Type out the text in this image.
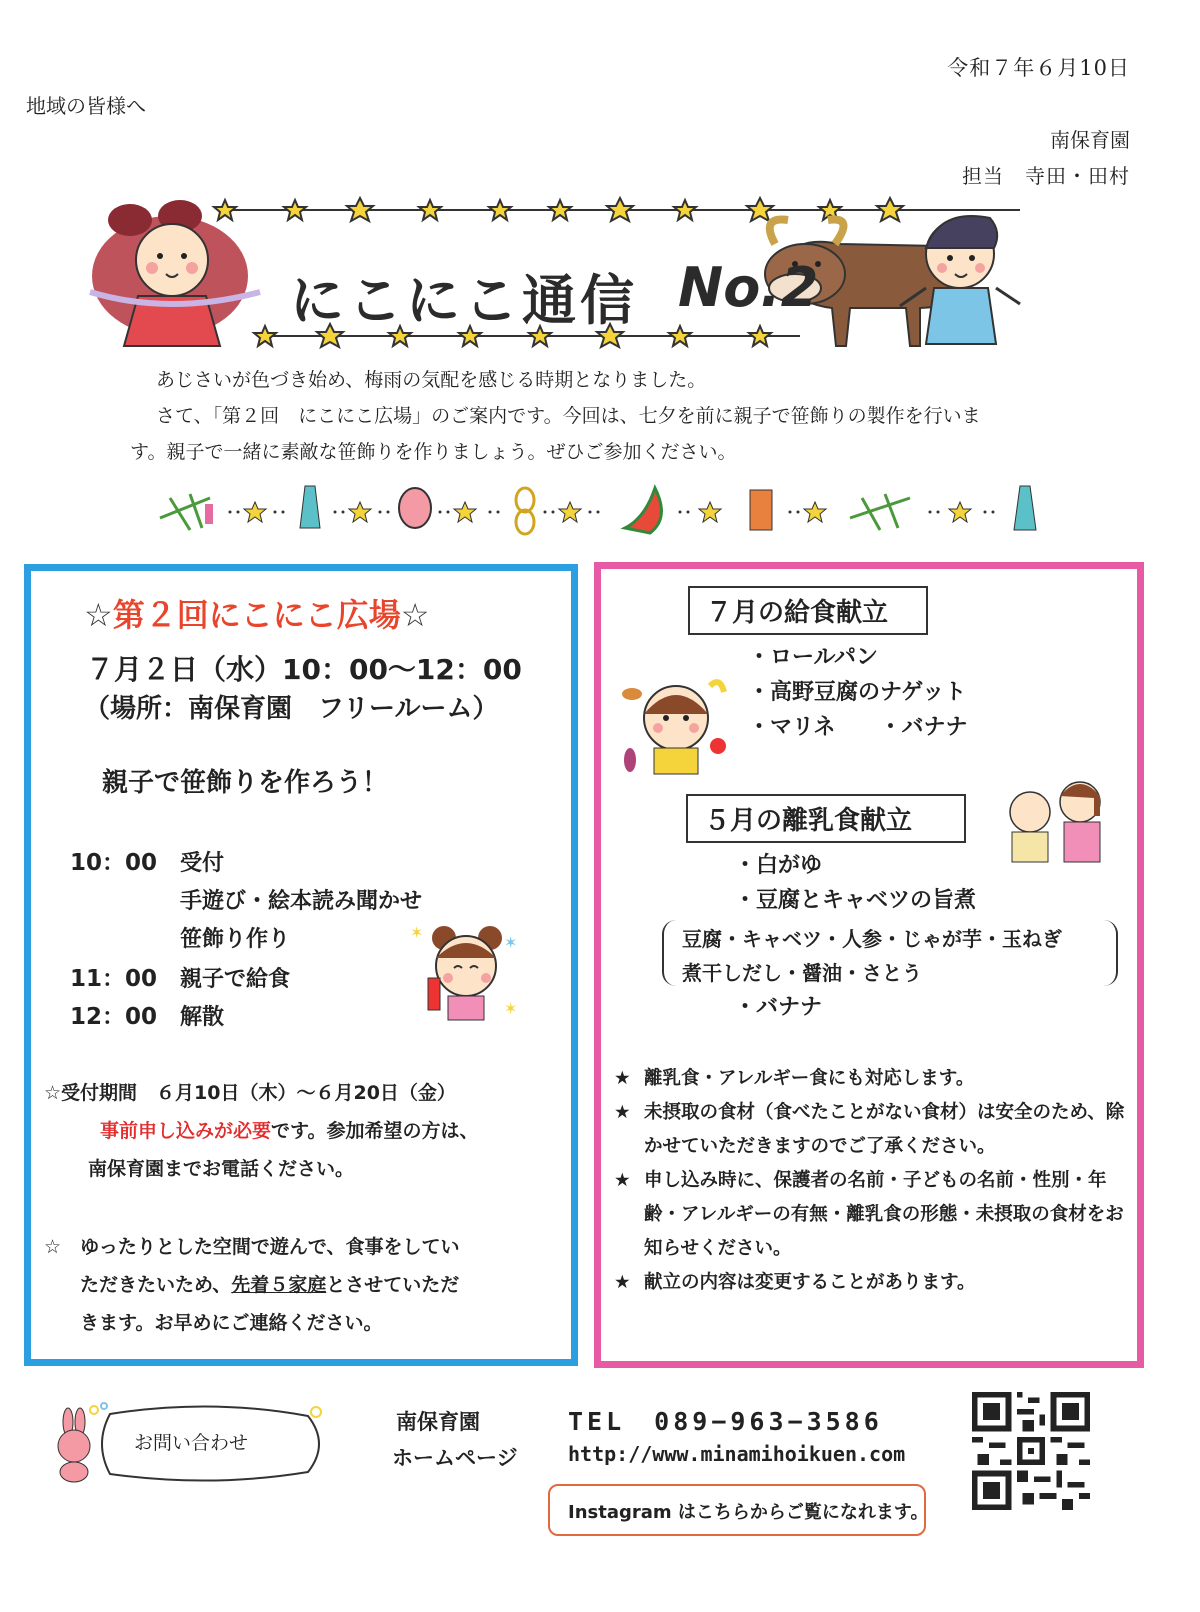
令和７年６月10日
地域の皆様へ
南保育園
担当　寺田・田村
にこにこ通信 No.2

あじさいが色づき始め、梅雨の気配を感じる時期となりました。

さて、「第２回　にこにこ広場」のご案内です。今回は、七夕を前に親子で笹飾りの製作を行いま

す。親子で一緒に素敵な笹飾りを作りましょう。ぜひご参加ください。

☆第２回にこにこ広場☆
７月２日（水）10：00〜12：00
（場所：南保育園　フリールーム）
親子で笹飾りを作ろう！
10：00 受付
手遊び・絵本読み聞かせ
笹飾り作り
11：00 親子で給食
12：00 解散
✶
✶
✶
☆受付期間　６月10日（木）〜６月20日（金）
事前申し込みが必要です。参加希望の方は、
南保育園までお電話ください。
☆　 ゆったりとした空間で遊んで、食事をしてい
ただきたいため、先着５家庭とさせていただ
きます。お早めにご連絡ください。
７月の給食献立
・ロールパン
・高野豆腐のナゲット
・マリネ　　・バナナ
５月の離乳食献立
・白がゆ
・豆腐とキャベツの旨煮
豆腐・キャベツ・人参・じゃが芋・玉ねぎ
煮干しだし・醤油・さとう
・バナナ
★ 離乳食・アレルギー食にも対応します。
★ 未摂取の食材（食べたことがない食材）は安全のため、除かせていただきますのでご了承ください。
★ 申し込み時に、保護者の名前・子どもの名前・性別・年齢・アレルギーの有無・離乳食の形態・未摂取の食材をお知らせください。
★ 献立の内容は変更することがあります。
お問い合わせ
南保育園
ホームページ
TEL　089−963−3586
http://www.minamihoikuen.com
Instagram はこちらからご覧になれます。
